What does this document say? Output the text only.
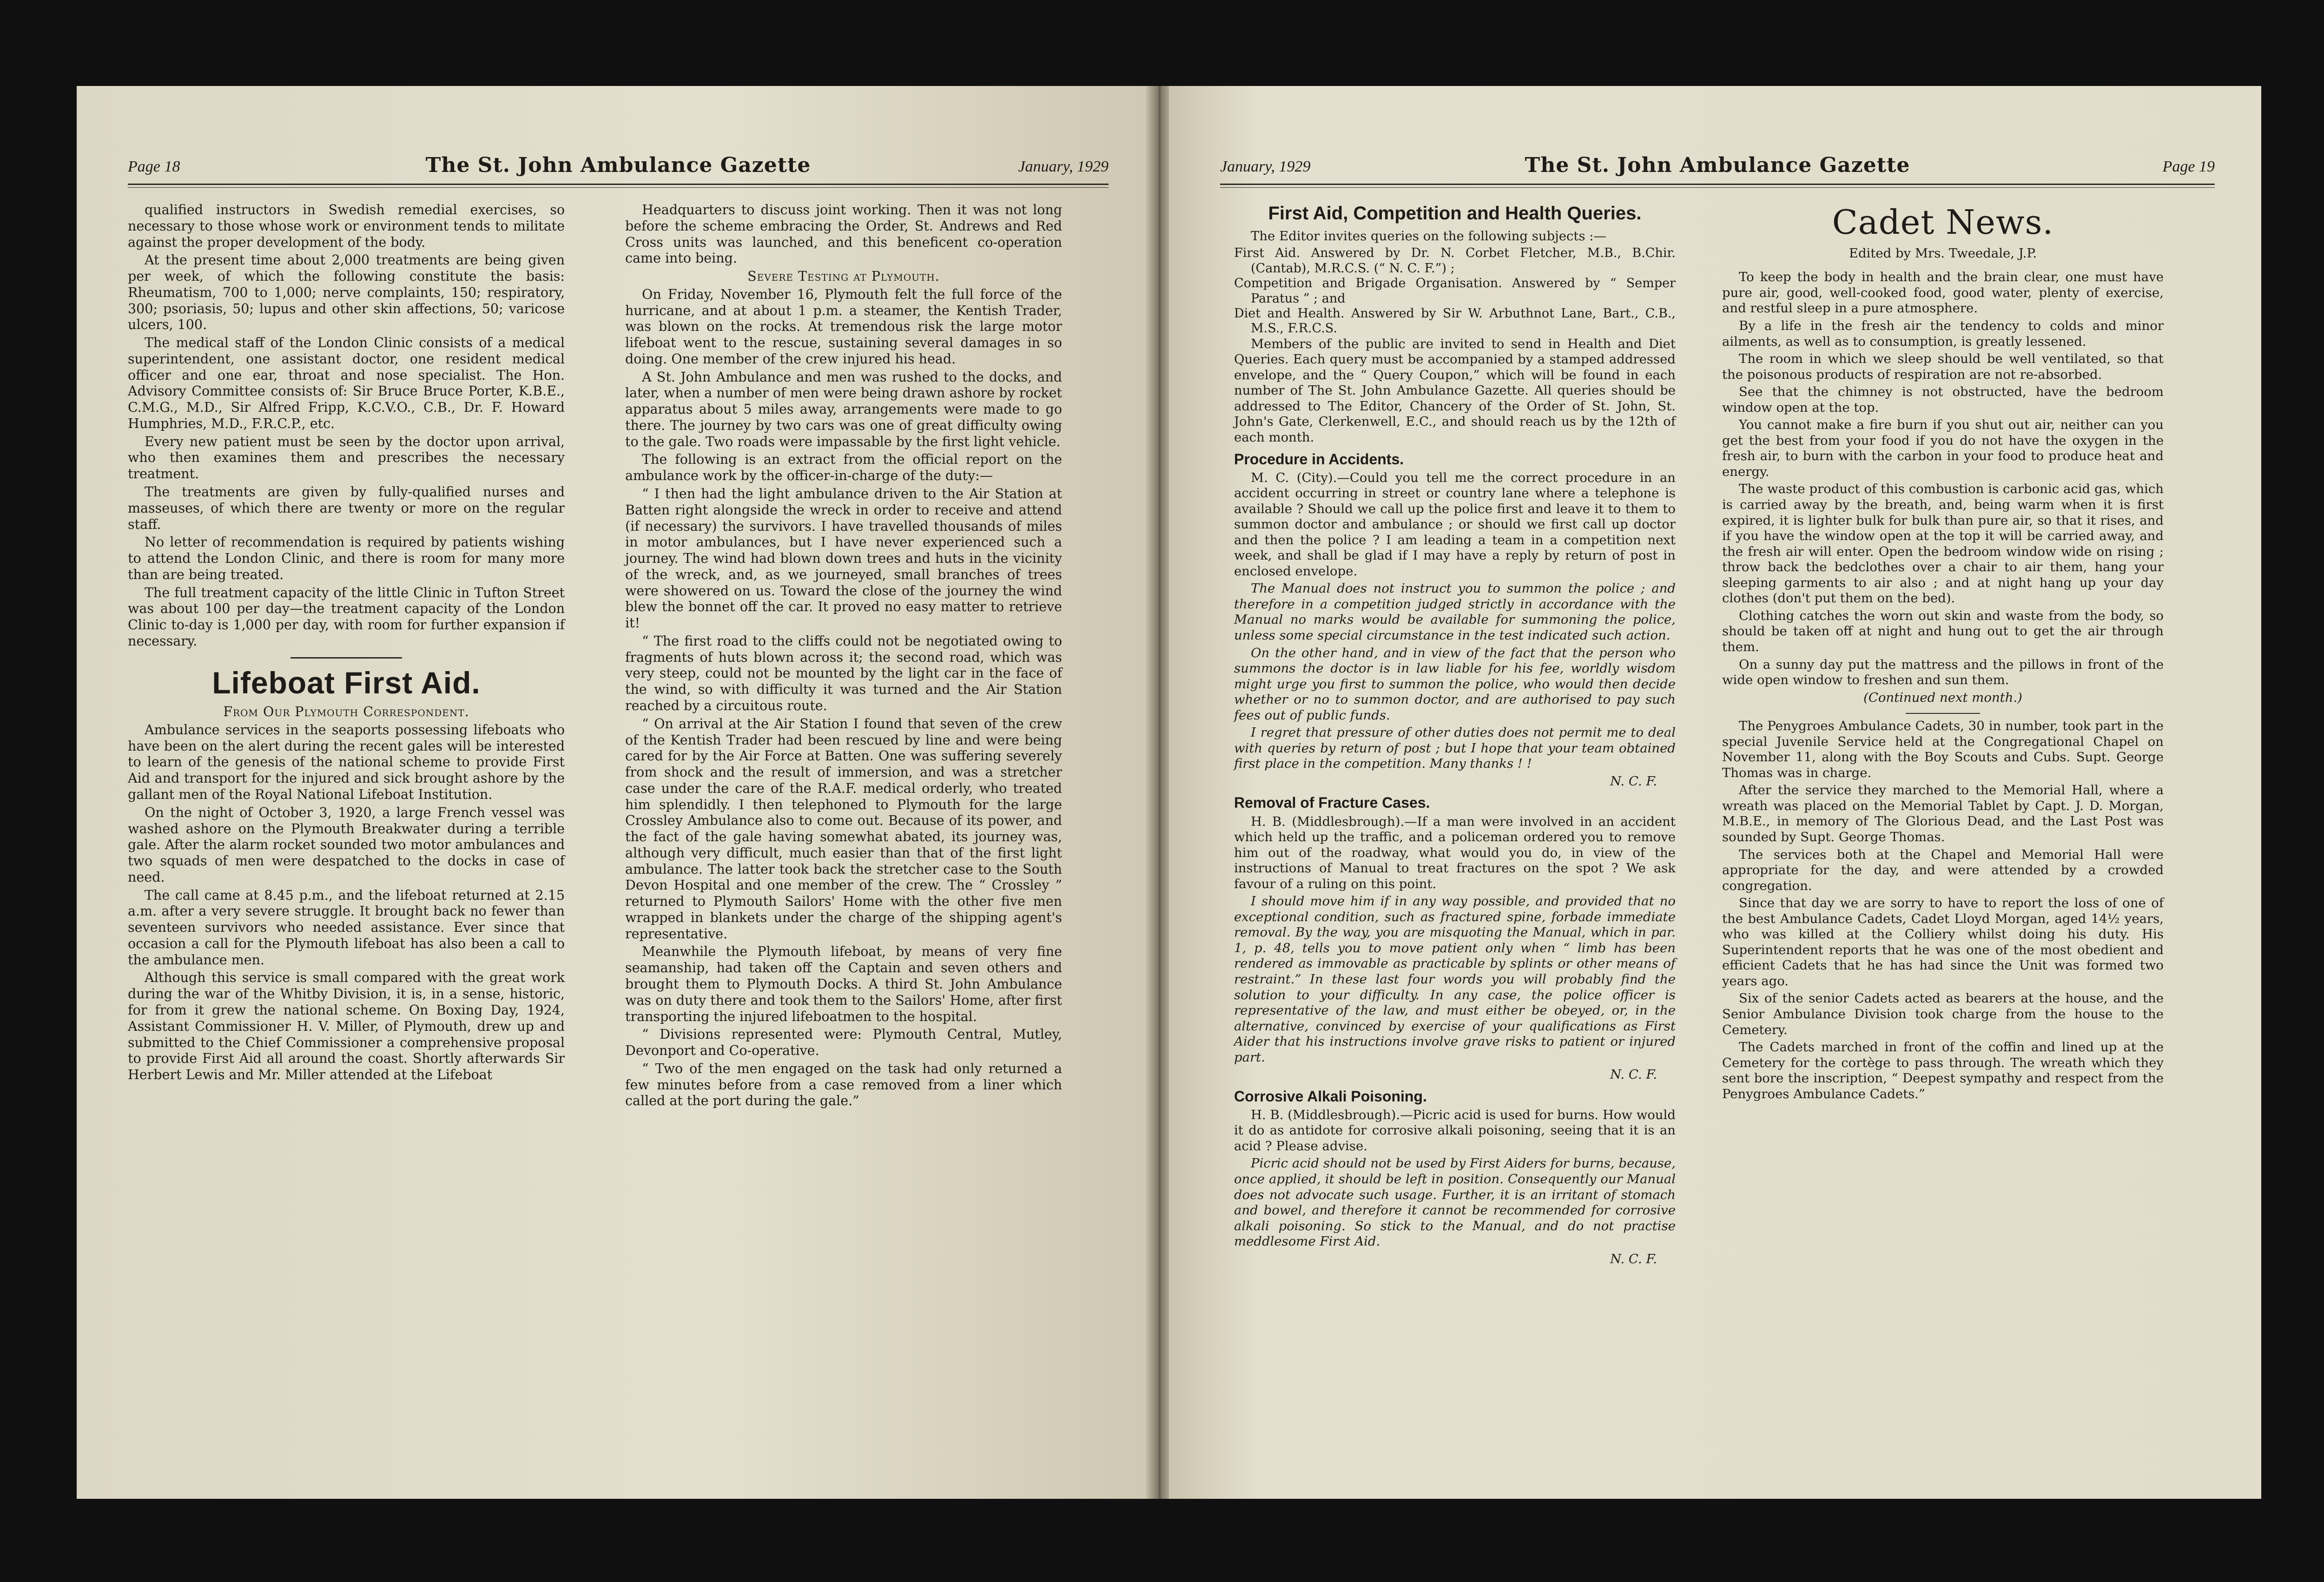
Page 18	The St. John Ambulance Gazette	January, 1929

qualified instructors in Swedish remedial exercises, so necessary to those whose work or environment tends to militate against the proper development of the body.

At the present time about 2,000 treatments are being given per week, of which the following constitute the basis: Rheumatism, 700 to 1,000; nerve complaints, 150; respiratory, 300; psoriasis, 50; lupus and other skin affections, 50; varicose ulcers, 100.

The medical staff of the London Clinic consists of a medical superintendent, one assistant doctor, one resident medical officer and one ear, throat and nose specialist. The Hon. Advisory Committee consists of: Sir Bruce Bruce Porter, K.B.E., C.M.G., M.D., Sir Alfred Fripp, K.C.V.O., C.B., Dr. F. Howard Humphries, M.D., F.R.C.P., etc.

Every new patient must be seen by the doctor upon arrival, who then examines them and prescribes the necessary treatment.

The treatments are given by fully-qualified nurses and masseuses, of which there are twenty or more on the regular staff.

No letter of recommendation is required by patients wishing to attend the London Clinic, and there is room for many more than are being treated.

The full treatment capacity of the little Clinic in Tufton Street was about 100 per day—the treatment capacity of the London Clinic to-day is 1,000 per day, with room for further expansion if necessary.

Lifeboat First Aid.

From Our Plymouth Correspondent.

Ambulance services in the seaports possessing lifeboats who have been on the alert during the recent gales will be interested to learn of the genesis of the national scheme to provide First Aid and transport for the injured and sick brought ashore by the gallant men of the Royal National Lifeboat Institution.

On the night of October 3, 1920, a large French vessel was washed ashore on the Plymouth Breakwater during a terrible gale. After the alarm rocket sounded two motor ambulances and two squads of men were despatched to the docks in case of need.

The call came at 8.45 p.m., and the lifeboat returned at 2.15 a.m. after a very severe struggle. It brought back no fewer than seventeen survivors who needed assistance. Ever since that occasion a call for the Plymouth lifeboat has also been a call to the ambulance men.

Although this service is small compared with the great work during the war of the Whitby Division, it is, in a sense, historic, for from it grew the national scheme. On Boxing Day, 1924, Assistant Commissioner H. V. Miller, of Plymouth, drew up and submitted to the Chief Commissioner a comprehensive proposal to provide First Aid all around the coast. Shortly afterwards Sir Herbert Lewis and Mr. Miller attended at the Lifeboat

Headquarters to discuss joint working. Then it was not long before the scheme embracing the Order, St. Andrews and Red Cross units was launched, and this beneficent co-operation came into being.

Severe Testing at Plymouth.

On Friday, November 16, Plymouth felt the full force of the hurricane, and at about 1 p.m. a steamer, the Kentish Trader, was blown on the rocks. At tremendous risk the large motor lifeboat went to the rescue, sustaining several damages in so doing. One member of the crew injured his head.

A St. John Ambulance and men was rushed to the docks, and later, when a number of men were being drawn ashore by rocket apparatus about 5 miles away, arrangements were made to go there. The journey by two cars was one of great difficulty owing to the gale. Two roads were impassable by the first light vehicle.

The following is an extract from the official report on the ambulance work by the officer-in-charge of the duty:—

“ I then had the light ambulance driven to the Air Station at Batten right alongside the wreck in order to receive and attend (if necessary) the survivors. I have travelled thousands of miles in motor ambulances, but I have never experienced such a journey. The wind had blown down trees and huts in the vicinity of the wreck, and, as we journeyed, small branches of trees were showered on us. Toward the close of the journey the wind blew the bonnet off the car. It proved no easy matter to retrieve it!

“ The first road to the cliffs could not be negotiated owing to fragments of huts blown across it; the second road, which was very steep, could not be mounted by the light car in the face of the wind, so with difficulty it was turned and the Air Station reached by a circuitous route.

“ On arrival at the Air Station I found that seven of the crew of the Kentish Trader had been rescued by line and were being cared for by the Air Force at Batten. One was suffering severely from shock and the result of immersion, and was a stretcher case under the care of the R.A.F. medical orderly, who treated him splendidly. I then telephoned to Plymouth for the large Crossley Ambulance also to come out. Because of its power, and the fact of the gale having somewhat abated, its journey was, although very difficult, much easier than that of the first light ambulance. The latter took back the stretcher case to the South Devon Hospital and one member of the crew. The “ Crossley ” returned to Plymouth Sailors' Home with the other five men wrapped in blankets under the charge of the shipping agent's representative.

Meanwhile the Plymouth lifeboat, by means of very fine seamanship, had taken off the Captain and seven others and brought them to Plymouth Docks. A third St. John Ambulance was on duty there and took them to the Sailors' Home, after first transporting the injured lifeboatmen to the hospital.

“ Divisions represented were: Plymouth Central, Mutley, Devonport and Co-operative.

“ Two of the men engaged on the task had only returned a few minutes before from a case removed from a liner which called at the port during the gale.”

January, 1929	The St. John Ambulance Gazette	Page 19
First Aid, Competition and Health Queries.

The Editor invites queries on the following subjects :—

First Aid. Answered by Dr. N. Corbet Fletcher, M.B., B.Chir. (Cantab), M.R.C.S. (“ N. C. F.”) ;
Competition and Brigade Organisation. Answered by “ Semper Paratus ” ; and
Diet and Health. Answered by Sir W. Arbuthnot Lane, Bart., C.B., M.S., F.R.C.S.

Members of the public are invited to send in Health and Diet Queries. Each query must be accompanied by a stamped addressed envelope, and the “ Query Coupon,” which will be found in each number of The St. John Ambulance Gazette. All queries should be addressed to The Editor, Chancery of the Order of St. John, St. John's Gate, Clerkenwell, E.C., and should reach us by the 12th of each month.

Procedure in Accidents.

M. C. (City).—Could you tell me the correct procedure in an accident occurring in street or country lane where a telephone is available ? Should we call up the police first and leave it to them to summon doctor and ambulance ; or should we first call up doctor and then the police ? I am leading a team in a competition next week, and shall be glad if I may have a reply by return of post in enclosed envelope.

The Manual does not instruct you to summon the police ; and therefore in a competition judged strictly in accordance with the Manual no marks would be available for summoning the police, unless some special circumstance in the test indicated such action.

On the other hand, and in view of the fact that the person who summons the doctor is in law liable for his fee, worldly wisdom might urge you first to summon the police, who would then decide whether or no to summon doctor, and are authorised to pay such fees out of public funds.

I regret that pressure of other duties does not permit me to deal with queries by return of post ; but I hope that your team obtained first place in the competition. Many thanks ! !

N. C. F.
Removal of Fracture Cases.

H. B. (Middlesbrough).—If a man were involved in an accident which held up the traffic, and a policeman ordered you to remove him out of the roadway, what would you do, in view of the instructions of Manual to treat fractures on the spot ? We ask favour of a ruling on this point.

I should move him if in any way possible, and provided that no exceptional condition, such as fractured spine, forbade immediate removal. By the way, you are misquoting the Manual, which in par. 1, p. 48, tells you to move patient only when “ limb has been rendered as immovable as practicable by splints or other means of restraint.” In these last four words you will probably find the solution to your difficulty. In any case, the police officer is representative of the law, and must either be obeyed, or, in the alternative, convinced by exercise of your qualifications as First Aider that his instructions involve grave risks to patient or injured part.

N. C. F.
Corrosive Alkali Poisoning.

H. B. (Middlesbrough).—Picric acid is used for burns. How would it do as antidote for corrosive alkali poisoning, seeing that it is an acid ? Please advise.

Picric acid should not be used by First Aiders for burns, because, once applied, it should be left in position. Consequently our Manual does not advocate such usage. Further, it is an irritant of stomach and bowel, and therefore it cannot be recommended for corrosive alkali poisoning. So stick to the Manual, and do not practise meddlesome First Aid.

N. C. F.
Cadet News.
Edited by Mrs. Tweedale, J.P.

To keep the body in health and the brain clear, one must have pure air, good, well-cooked food, good water, plenty of exercise, and restful sleep in a pure atmosphere.

By a life in the fresh air the tendency to colds and minor ailments, as well as to consumption, is greatly lessened.

The room in which we sleep should be well ventilated, so that the poisonous products of respiration are not re-absorbed.

See that the chimney is not obstructed, have the bedroom window open at the top.

You cannot make a fire burn if you shut out air, neither can you get the best from your food if you do not have the oxygen in the fresh air, to burn with the carbon in your food to produce heat and energy.

The waste product of this combustion is carbonic acid gas, which is carried away by the breath, and, being warm when it is first expired, it is lighter bulk for bulk than pure air, so that it rises, and if you have the window open at the top it will be carried away, and the fresh air will enter. Open the bedroom window wide on rising ; throw back the bedclothes over a chair to air them, hang your sleeping garments to air also ; and at night hang up your day clothes (don't put them on the bed).

Clothing catches the worn out skin and waste from the body, so should be taken off at night and hung out to get the air through them.

On a sunny day put the mattress and the pillows in front of the wide open window to freshen and sun them.

(Continued next month.)

The Penygroes Ambulance Cadets, 30 in number, took part in the special Juvenile Service held at the Congregational Chapel on November 11, along with the Boy Scouts and Cubs. Supt. George Thomas was in charge.

After the service they marched to the Memorial Hall, where a wreath was placed on the Memorial Tablet by Capt. J. D. Morgan, M.B.E., in memory of The Glorious Dead, and the Last Post was sounded by Supt. George Thomas.

The services both at the Chapel and Memorial Hall were appropriate for the day, and were attended by a crowded congregation.

Since that day we are sorry to have to report the loss of one of the best Ambulance Cadets, Cadet Lloyd Morgan, aged 14½ years, who was killed at the Colliery whilst doing his duty. His Superintendent reports that he was one of the most obedient and efficient Cadets that he has had since the Unit was formed two years ago.

Six of the senior Cadets acted as bearers at the house, and the Senior Ambulance Division took charge from the house to the Cemetery.

The Cadets marched in front of the coffin and lined up at the Cemetery for the cortège to pass through. The wreath which they sent bore the inscription, “ Deepest sympathy and respect from the Penygroes Ambulance Cadets.”
